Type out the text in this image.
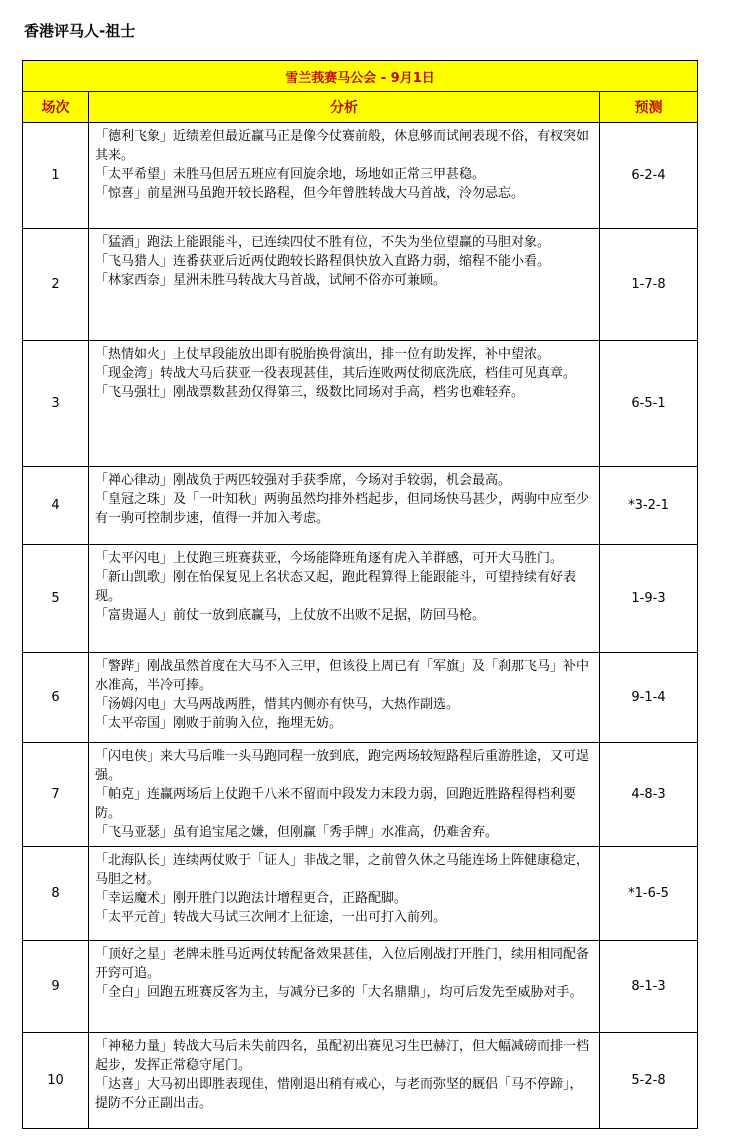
香港评马人-祖士
雪兰莪赛马公会 - 9月1日		
场次	分析	预测
1	「德利飞象」近绩差但最近赢马正是像今仗赛前般，休息够而试闸表现不俗，有杈突如其来。

「太平希望」未胜马但居五班应有回旋余地，场地如正常三甲甚稳。

「惊喜」前星洲马虽跑开较长路程，但今年曾胜转战大马首战，泠勿忌忘。	6-2-4
2	「猛酒」跑法上能跟能斗，已连续四仗不胜有位，不失为坐位望赢的马胆对象。

「飞马猎人」连番获亚后近两仗跑较长路程俱快放入直路力弱，缩程不能小看。

「林家西奈」星洲未胜马转战大马首战，试闸不俗亦可兼顾。	1-7-8
3	「热情如火」上仗早段能放出即有脱胎换骨演出，排一位有助发挥，补中望浓。

「现金湾」转战大马后获亚一役表现甚佳，其后连败两仗彻底洗底，档佳可见真章。

「飞马强壮」刚战票数甚劲仅得第三，级数比同场对手高，档劣也难轻弃。	6-5-1
4	「禅心律动」刚战负于两匹较强对手获季席，今场对手较弱，机会最高。

「皇冠之珠」及「一叶知秋」两驹虽然均排外档起步，但同场快马甚少，两驹中应至少有一驹可控制步速，值得一并加入考虑。	*3-2-1
5	「太平闪电」上仗跑三班赛获亚，今场能降班角逐有虎入羊群感，可开大马胜门。

「新山凯歌」刚在怡保复见上名状态又起，跑此程算得上能跟能斗，可望持续有好表现。

「富贵逼人」前仗一放到底赢马，上仗放不出败不足据，防回马枪。	1-9-3
6	「警跸」刚战虽然首度在大马不入三甲，但该役上周已有「军旗」及「刹那飞马」补中水准高，半冷可捧。

「汤姆闪电」大马两战两胜，惜其内侧亦有快马，大热作副选。

「太平帝国」刚败于前驹入位，拖埋无妨。	9-1-4
7	「闪电侠」来大马后唯一头马跑同程一放到底，跑完两场较短路程后重游胜途，又可逞强。

「帕克」连赢两场后上仗跑千八米不留而中段发力末段力弱，回跑近胜路程得档利要防。

「飞马亚瑟」虽有追宝尾之嫌，但刚赢「秀手牌」水准高，仍难舍弃。	4-8-3
8	「北海队长」连续两仗败于「证人」非战之罪，之前曾久休之马能连场上阵健康稳定，马胆之材。

「幸运魔术」刚开胜门以跑法计增程更合，正路配脚。

「太平元首」转战大马试三次闸才上征途，一出可打入前列。	*1-6-5
9	「顶好之星」老牌未胜马近两仗转配备效果甚佳，入位后刚战打开胜门，续用相同配备开窍可追。

「全白」回跑五班赛反客为主，与减分已多的「大名鼎鼎」，均可后发先至威胁对手。	8-1-3
10	「神秘力量」转战大马后未失前四名，虽配初出赛见习生巴赫汀，但大幅减磅而排一档起步，发挥正常稳守尾门。

「达喜」大马初出即胜表现佳，惜刚退出稍有戒心，与老而弥坚的厩侣「马不停蹄」，提防不分正副出击。	5-2-8
